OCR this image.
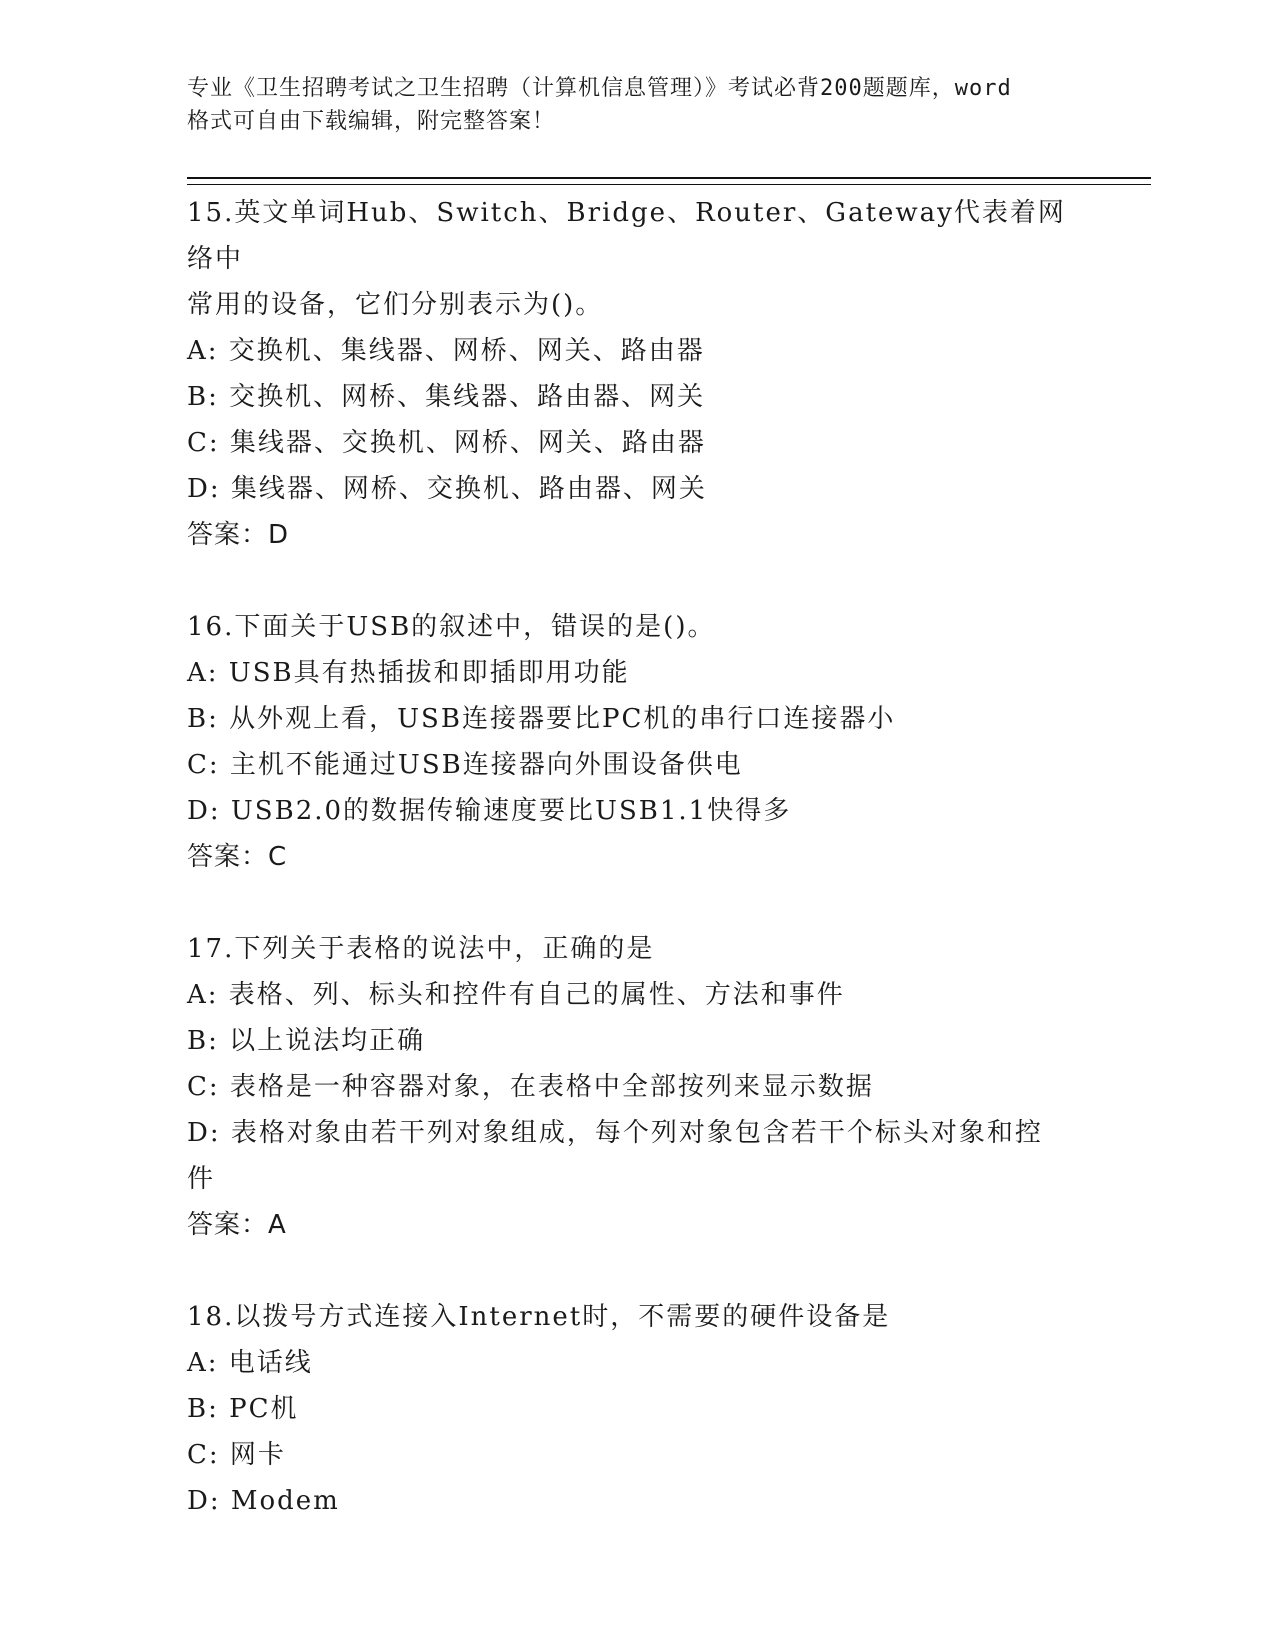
专业《卫生招聘考试之卫生招聘（计算机信息管理）》考试必背200题题库，word
格式可自由下载编辑，附完整答案！
15.英文单词Hub、Switch、Bridge、Router、Gateway代表着网络中
常用的设备，它们分别表示为()。
A: 交换机、集线器、网桥、网关、路由器
B: 交换机、网桥、集线器、路由器、网关
C: 集线器、交换机、网桥、网关、路由器
D: 集线器、网桥、交换机、路由器、网关
答案：D
16.下面关于USB的叙述中，错误的是()。
A: USB具有热插拔和即插即用功能
B: 从外观上看，USB连接器要比PC机的串行口连接器小
C: 主机不能通过USB连接器向外围设备供电
D: USB2.0的数据传输速度要比USB1.1快得多
答案：C
17.下列关于表格的说法中，正确的是
A: 表格、列、标头和控件有自己的属性、方法和事件
B: 以上说法均正确
C: 表格是一种容器对象，在表格中全部按列来显示数据
D: 表格对象由若干列对象组成，每个列对象包含若干个标头对象和控
件
答案：A
18.以拨号方式连接入Internet时，不需要的硬件设备是
A: 电话线
B: PC机
C: 网卡
D: Modem
